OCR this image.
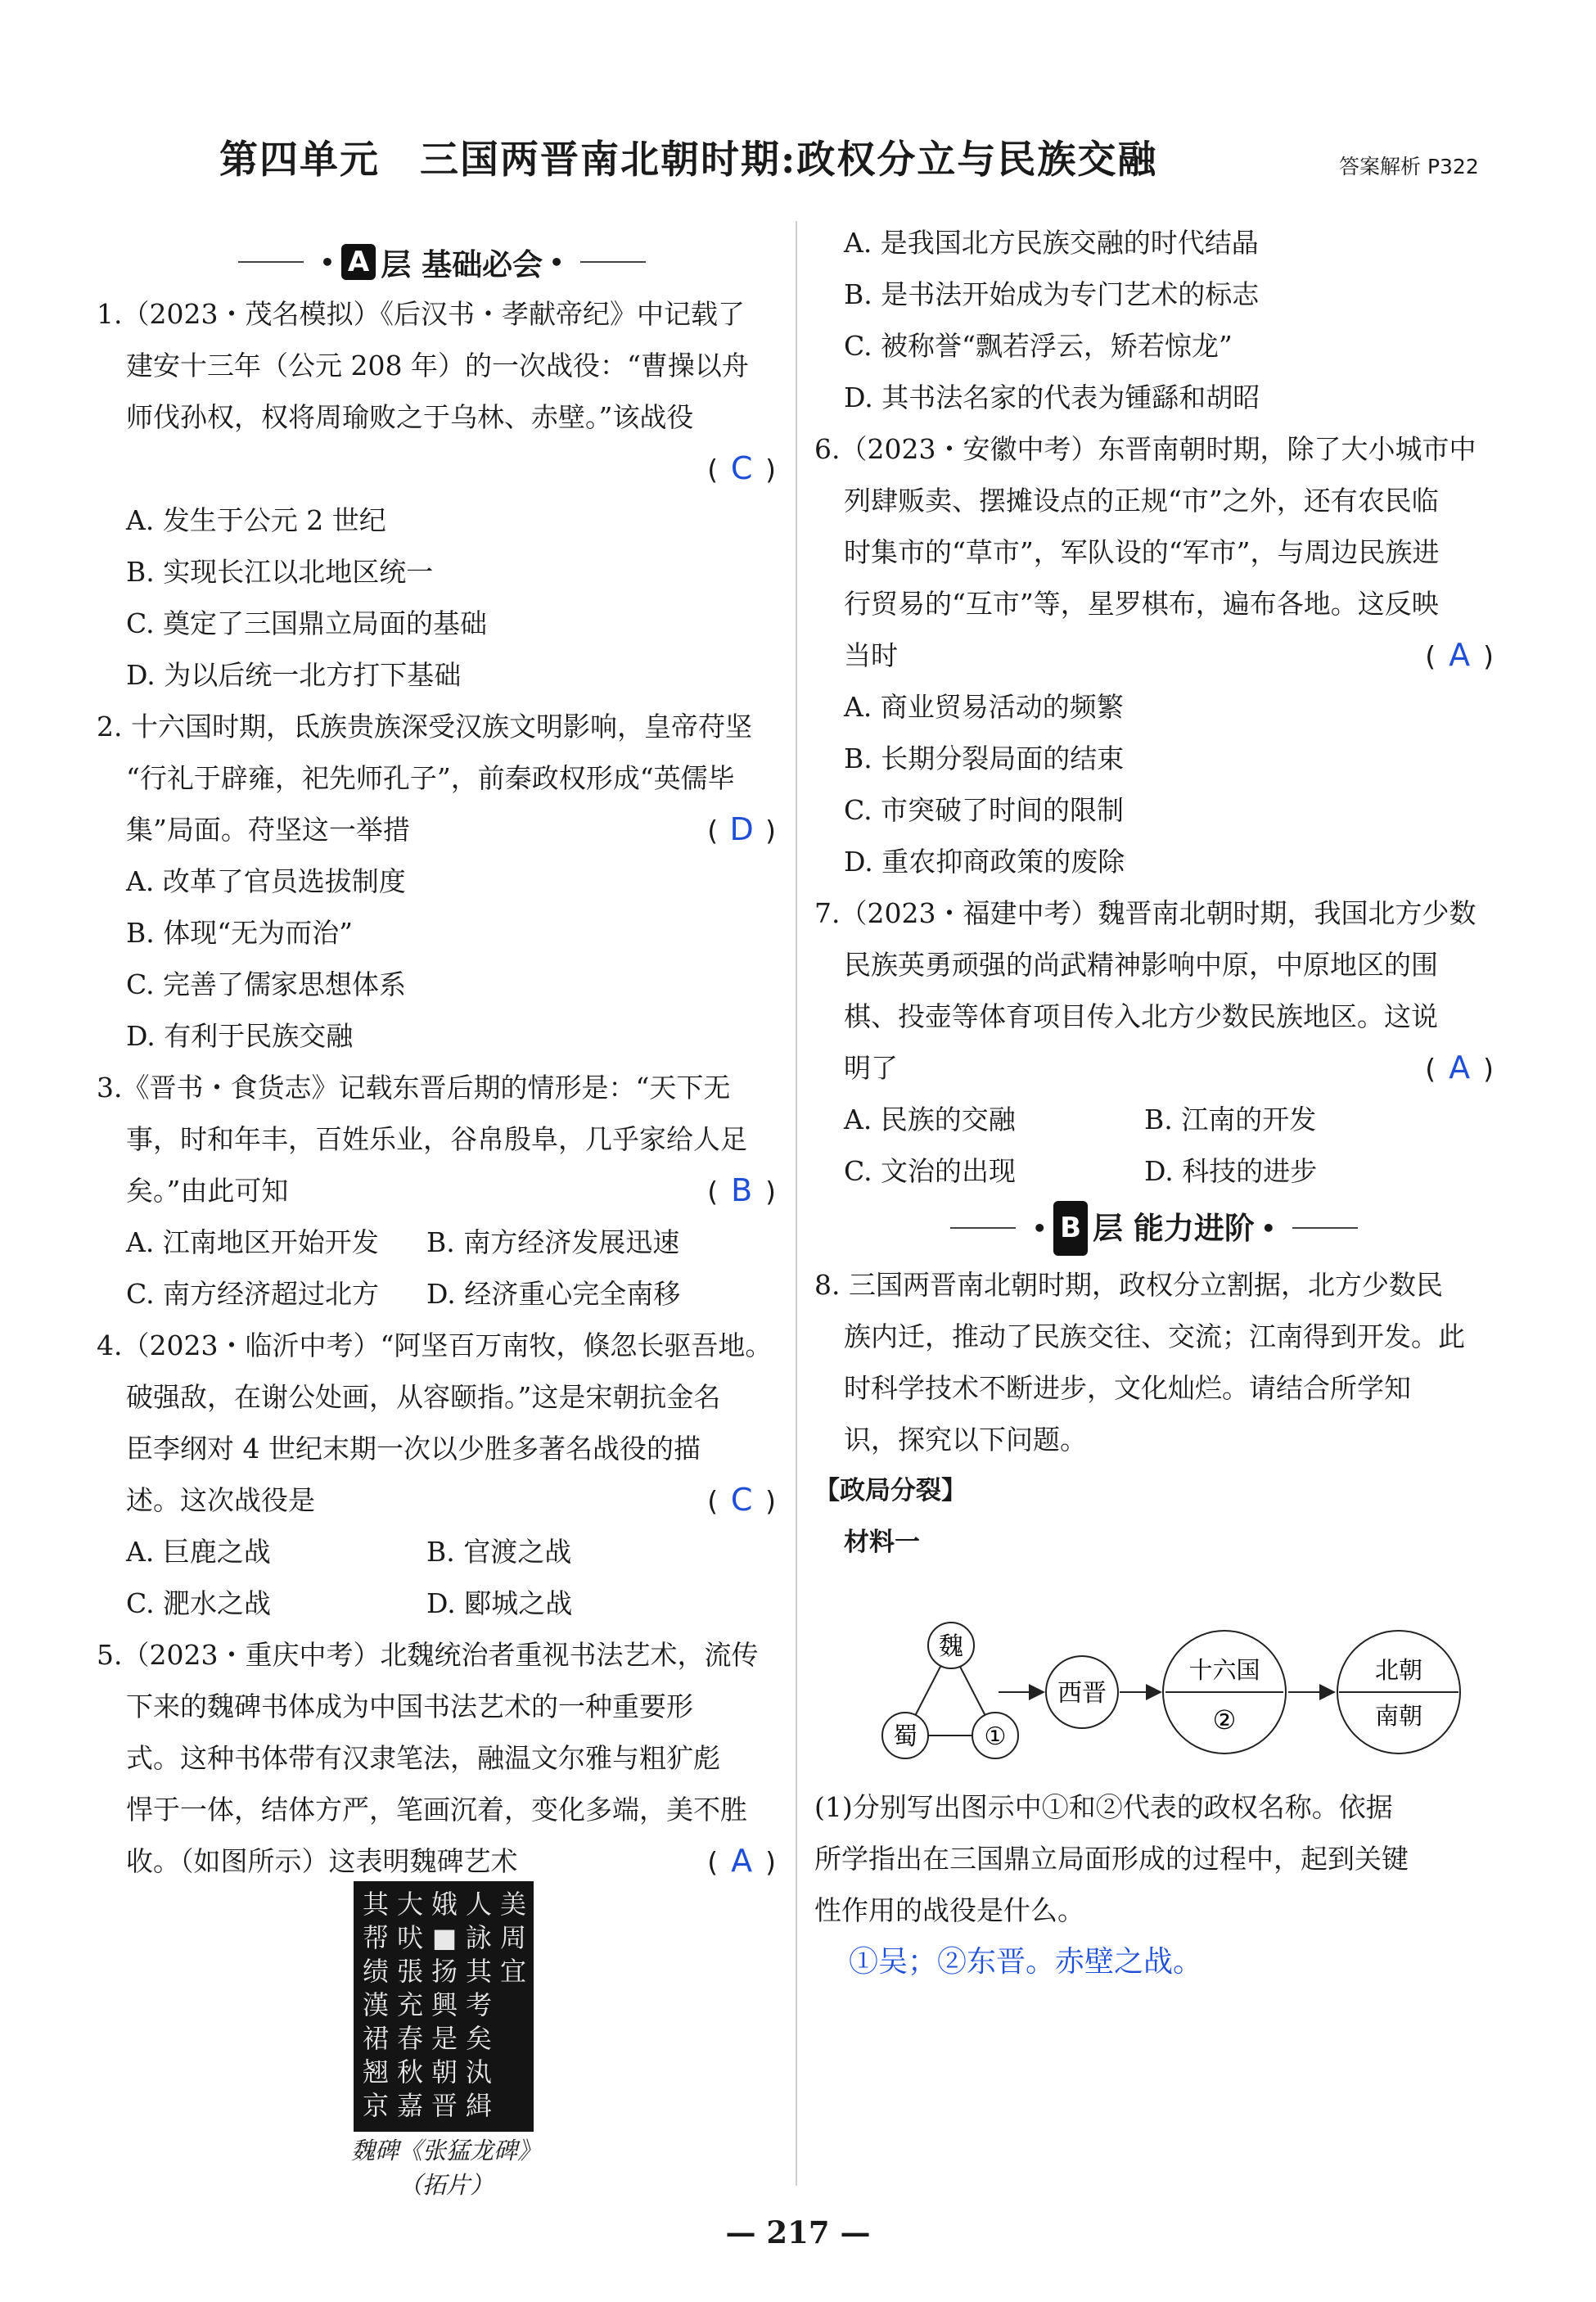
第四单元　三国两晋南北朝时期:政权分立与民族交融	答案解析 P322
• A 层 基础必会 •
1.（2023・茂名模拟）《后汉书・孝献帝纪》中记载了
建安十三年（公元 208 年）的一次战役：“曹操以舟
师伐孙权，权将周瑜败之于乌林、赤壁。”该战役
( C )
A. 发生于公元 2 世纪
B. 实现长江以北地区统一
C. 奠定了三国鼎立局面的基础
D. 为以后统一北方打下基础
2. 十六国时期，氐族贵族深受汉族文明影响，皇帝苻坚
“行礼于辟雍，祀先师孔子”，前秦政权形成“英儒毕
集”局面。苻坚这一举措	( D )
A. 改革了官员选拔制度
B. 体现“无为而治”
C. 完善了儒家思想体系
D. 有利于民族交融
3.《晋书・食货志》记载东晋后期的情形是：“天下无
事，时和年丰，百姓乐业，谷帛殷阜，几乎家给人足
矣。”由此可知	( B )
A. 江南地区开始开发	B. 南方经济发展迅速
C. 南方经济超过北方	D. 经济重心完全南移
4.（2023・临沂中考）“阿坚百万南牧，倏忽长驱吾地。
破强敌，在谢公处画，从容颐指。”这是宋朝抗金名
臣李纲对 4 世纪末期一次以少胜多著名战役的描
述。这次战役是	( C )
A. 巨鹿之战	B. 官渡之战
C. 淝水之战	D. 郾城之战
5.（2023・重庆中考）北魏统治者重视书法艺术，流传
下来的魏碑书体成为中国书法艺术的一种重要形
式。这种书体带有汉隶笔法，融温文尔雅与粗犷彪
悍于一体，结体方严，笔画沉着，变化多端，美不胜
收。（如图所示）这表明魏碑艺术	( A )
其
帮
绩
漢
裙
翘
京
大
吠
張
充
春
秋
嘉
娥
■
扬
興
是
朝
晋
人
詠
其
考
矣
汍
緝
美
周
宜
魏碑《张猛龙碑》
（拓片）
A. 是我国北方民族交融的时代结晶
B. 是书法开始成为专门艺术的标志
C. 被称誉“飘若浮云，矫若惊龙”
D. 其书法名家的代表为锺繇和胡昭
6.（2023・安徽中考）东晋南朝时期，除了大小城市中
列肆贩卖、摆摊设点的正规“市”之外，还有农民临
时集市的“草市”，军队设的“军市”，与周边民族进
行贸易的“互市”等，星罗棋布，遍布各地。这反映
当时	( A )
A. 商业贸易活动的频繁
B. 长期分裂局面的结束
C. 市突破了时间的限制
D. 重农抑商政策的废除
7.（2023・福建中考）魏晋南北朝时期，我国北方少数
民族英勇顽强的尚武精神影响中原，中原地区的围
棋、投壶等体育项目传入北方少数民族地区。这说
明了	( A )
A. 民族的交融	B. 江南的开发
C. 文治的出现	D. 科技的进步
• B 层 能力进阶 •
8. 三国两晋南北朝时期，政权分立割据，北方少数民
族内迁，推动了民族交往、交流；江南得到开发。此
时科学技术不断进步，文化灿烂。请结合所学知
识，探究以下问题。
【政局分裂】
材料一
(1)分别写出图示中①和②代表的政权名称。依据
所学指出在三国鼎立局面形成的过程中，起到关键
性作用的战役是什么。
①吴；②东晋。赤壁之战。
魏
蜀	①
西晋
十六国
②
北朝
南朝
— 217 —
